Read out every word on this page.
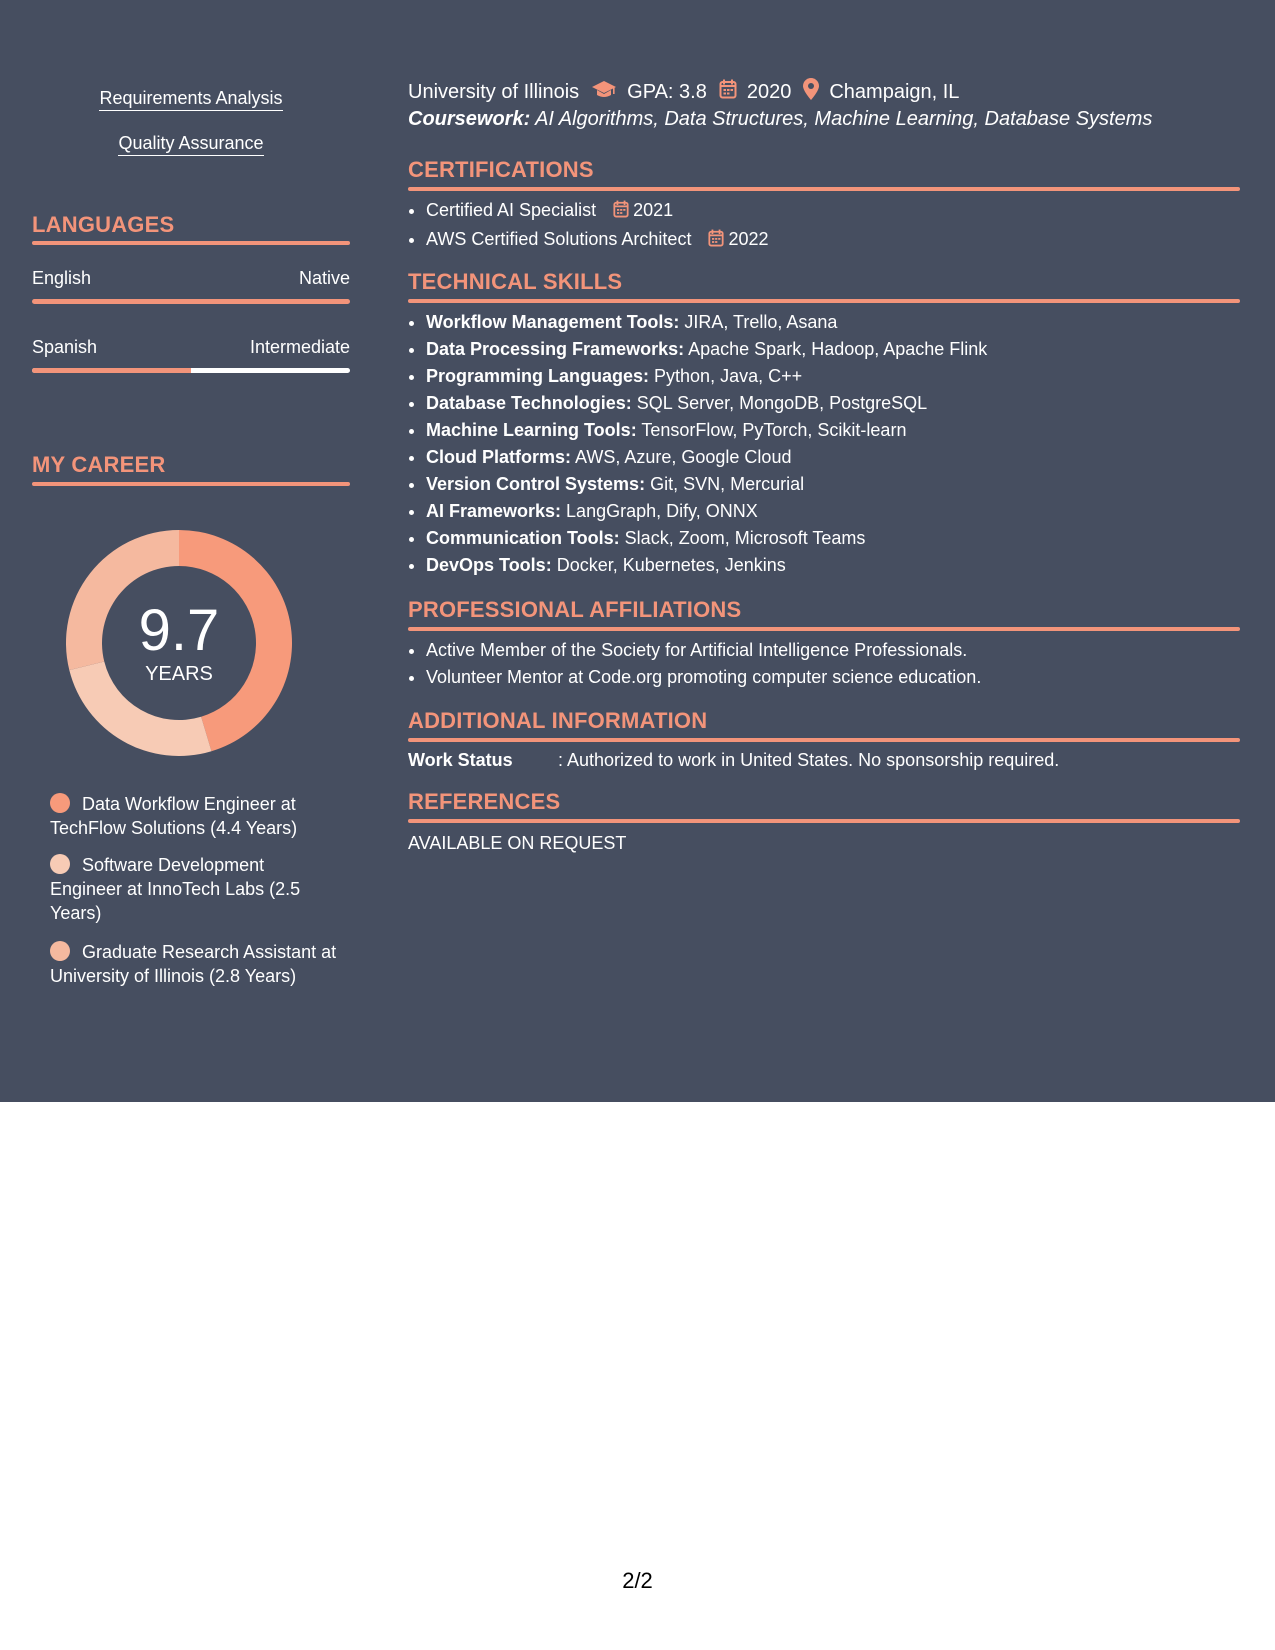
Requirements Analysis
Quality Assurance
LANGUAGES
English	Native
Spanish	Intermediate
MY CAREER
9.7
YEARS
Data Workflow Engineer at TechFlow Solutions (4.4 Years)
Software Development Engineer at InnoTech Labs (2.5 Years)
Graduate Research Assistant at University of Illinois (2.8 Years)
University of Illinois GPA: 3.8 2020 Champaign, IL
Coursework: AI Algorithms, Data Structures, Machine Learning, Database Systems
CERTIFICATIONS
• Certified AI Specialist 2021
• AWS Certified Solutions Architect 2022
TECHNICAL SKILLS
• Workflow Management Tools: JIRA, Trello, Asana
• Data Processing Frameworks: Apache Spark, Hadoop, Apache Flink
• Programming Languages: Python, Java, C++
• Database Technologies: SQL Server, MongoDB, PostgreSQL
• Machine Learning Tools: TensorFlow, PyTorch, Scikit-learn
• Cloud Platforms: AWS, Azure, Google Cloud
• Version Control Systems: Git, SVN, Mercurial
• AI Frameworks: LangGraph, Dify, ONNX
• Communication Tools: Slack, Zoom, Microsoft Teams
• DevOps Tools: Docker, Kubernetes, Jenkins
PROFESSIONAL AFFILIATIONS
• Active Member of the Society for Artificial Intelligence Professionals.
• Volunteer Mentor at Code.org promoting computer science education.
ADDITIONAL INFORMATION
Work Status	: Authorized to work in United States. No sponsorship required.
REFERENCES
AVAILABLE ON REQUEST
2/2
